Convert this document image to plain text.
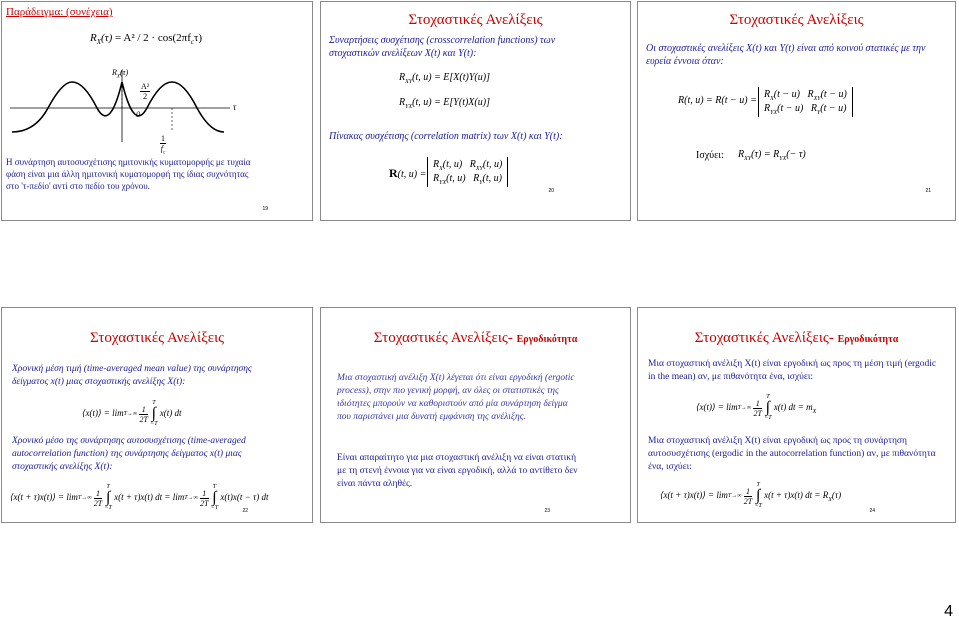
Παράδειγμα: (συνέχεια)
$R_X(\tau) = A^2 / 2 \cdot \cos(2\pi f_c\tau)$
$R_X(\tau)$
$\frac{\text{A²}}{2}$
0
τ
$\frac{1}{f_c}$
Η συνάρτηση αυτοσυσχέτισης ημιτονικής κυματομορφής με τυχαία φάση είναι μια άλλη ημιτονική κυματομορφή της ίδιας συχνότητας στο 'τ-πεδίο' αντί στο πεδίο του χρόνου.
19
Στοχαστικές Ανελίξεις
Συναρτήσεις συσχέτισης (crosscorrelation functions) των στοχαστικών ανελίξεων X(t) και Y(t):
$R_{XY}(t$, u) = E[X(t)Y(u)]
$R_{YX}(t$, u) = E[Y(t)X(u)]
Πίνακας συσχέτισης (correlation matrix) των X(t) και Y(t):
R(t, u) =
$R_X(t$, u) $R_{XY}(t$, u)
$R_{YX}(t$, u) $R_Y(t$, u)
20
Στοχαστικές Ανελίξεις
Οι στοχαστικές ανελίξεις X(t) και Y(t) είναι από κοινού στατικές με την ευρεία έννοια όταν:
R(t, u) = R(t − u) =
$R_X(t - u) R_{XY}(t - u)$
$R_{YX}(t - u) R_Y(t - u)$
Ισχύει: $R_{XY}(\tau) = R_{YX}(- \tau)$
21
Στοχαστικές Ανελίξεις
Χρονική μέση τιμή (time-averaged mean value) της συνάρτησης δείγματος x(t) μιας στοχαστικής ανελίξης X(t):
⟨x(t)⟩ = lim T→∞
$\frac{1}{2T}$
T
∫
−T
x(t) dt
Χρονικό μέσο της συνάρτησης αυτοσυσχέτισης (time-averaged autocorrelation function) της συνάρτησης δείγματος x(t) μιας στοχαστικής ανελίξης X(t):
⟨x(t + τ)x(t)⟩ = lim T→∞
$\frac{1}{2T}$
T
∫
−T
x(t + τ)x(t) dt = lim T→∞
$\frac{1}{2T}$
T
∫
−T
x(t)x(t − τ) dt
22
Στοχαστικές Ανελίξεις- Εργοδικότητα
Μια στοχαστική ανέλιξη X(t) λέγεται ότι είναι εργοδική (ergotic process), στην πιο γενική μορφή, αν όλες οι στατιστικές της ιδιότητες μπορούν να καθοριστούν από μία συνάρτηση δείγμα που παριστάνει μια δυνατή εμφάνιση της ανέλιξης.
Είναι απαραίτητο για μια στοχαστική ανέλιξη να είναι στατική με τη στενή έννοια για να είναι εργοδική, αλλά το αντίθετο δεν είναι πάντα αληθές.
23
Στοχαστικές Ανελίξεις- Εργοδικότητα
Μια στοχαστική ανέλιξη X(t) είναι εργοδική ως προς τη μέση τιμή (ergodic in the mean) αν, με πιθανότητα ένα, ισχύει:
⟨x(t)⟩ = lim T→∞
$\frac{1}{2T}$
T
∫
−T
x(t) dt = $m_X$
Μια στοχαστική ανέλιξη X(t) είναι εργοδική ως προς τη συνάρτηση αυτοσυσχέτισης (ergodic in the autocorrelation function) αν, με πιθανότητα ένα, ισχύει:
⟨x(t + τ)x(t)⟩ = lim T→∞
$\frac{1}{2T}$
T
∫
−T
x(t + τ)x(t) dt = $R_X(\tau)$
24
4
